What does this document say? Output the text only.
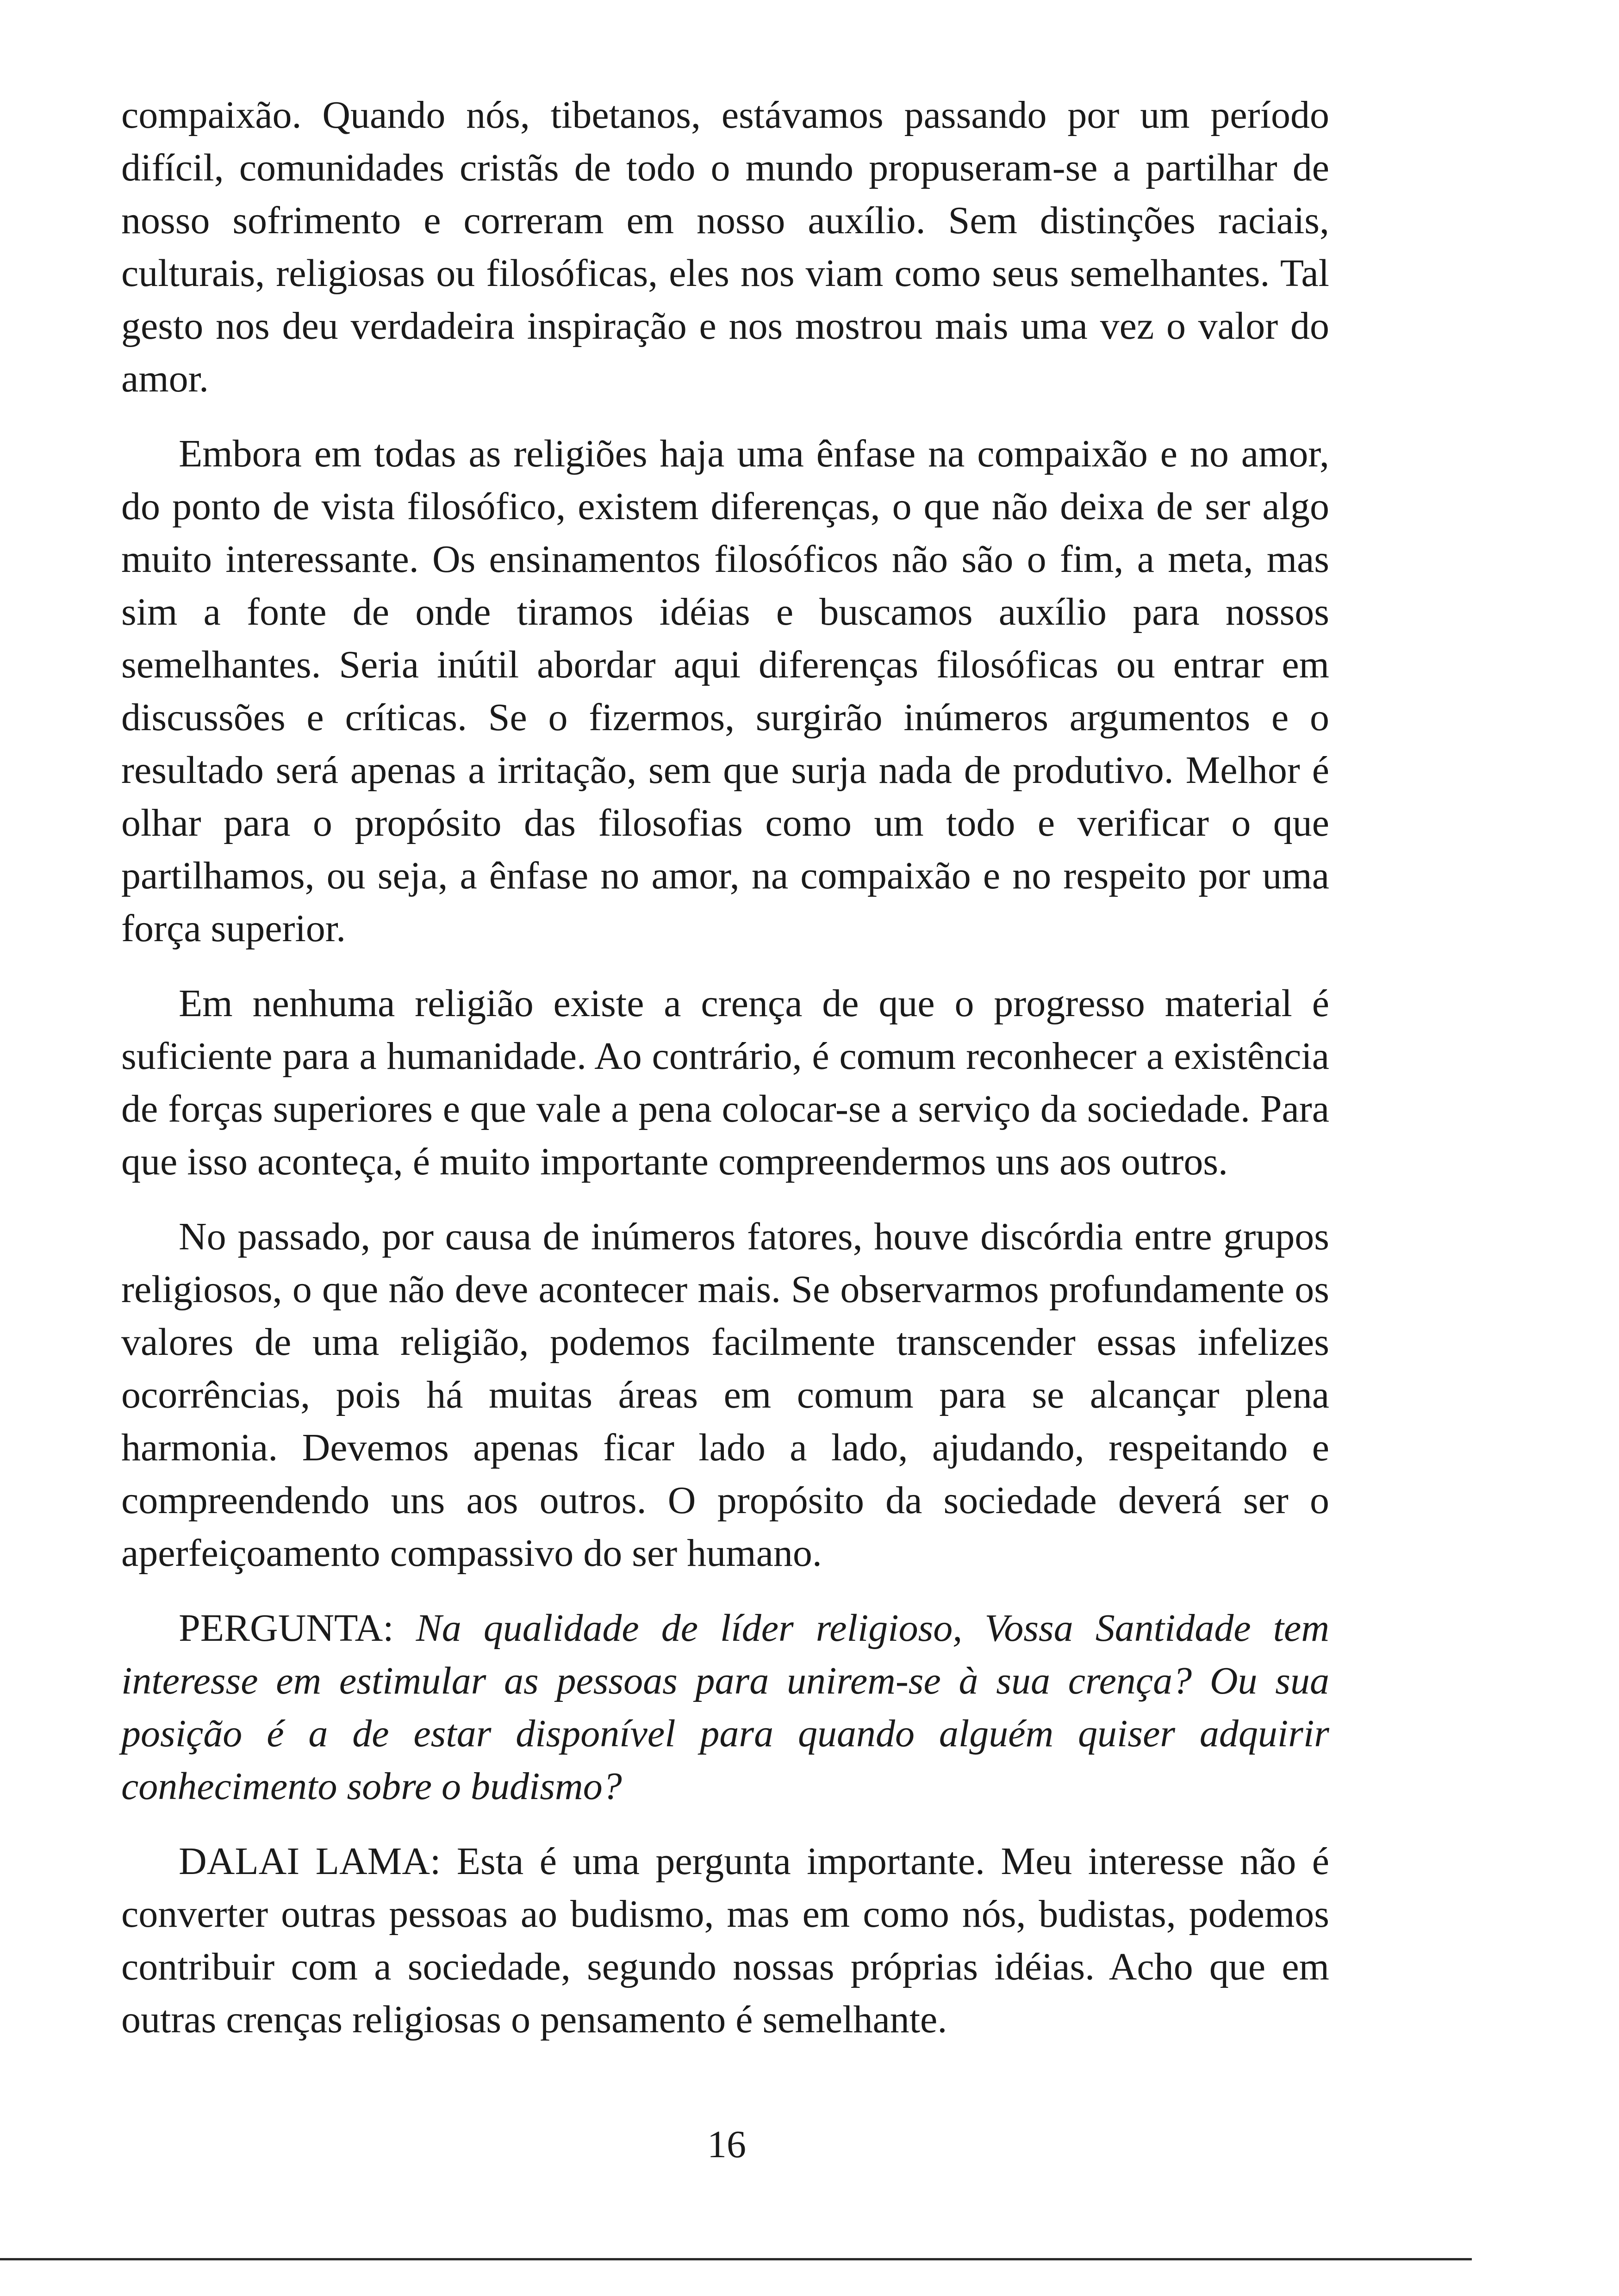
compaixão. Quando nós, tibetanos, estávamos passando por um período difícil, comunidades cristãs de todo o mundo propuseram-se a partilhar de nosso sofrimento e correram em nosso auxílio. Sem distinções raciais, culturais, religiosas ou filosóficas, eles nos viam como seus semelhantes. Tal gesto nos deu verdadeira inspiração e nos mostrou mais uma vez o valor do amor.

Embora em todas as religiões haja uma ênfase na compaixão e no amor, do ponto de vista filosófico, existem diferenças, o que não deixa de ser algo muito interessante. Os ensinamentos filosóficos não são o fim, a meta, mas sim a fonte de onde tiramos idéias e buscamos auxílio para nossos semelhantes. Seria inútil abordar aqui diferenças filosóficas ou entrar em discussões e críticas. Se o fizermos, surgirão inúmeros argumentos e o resultado será apenas a irritação, sem que surja nada de produtivo. Melhor é olhar para o propósito das filosofias como um todo e verificar o que partilhamos, ou seja, a ênfase no amor, na compaixão e no respeito por uma força superior.

Em nenhuma religião existe a crença de que o progresso material é suficiente para a humanidade. Ao contrário, é comum reconhecer a existência de forças superiores e que vale a pena colocar-se a serviço da sociedade. Para que isso aconteça, é muito importante compreendermos uns aos outros.

No passado, por causa de inúmeros fatores, houve discórdia entre grupos religiosos, o que não deve acontecer mais. Se observarmos profundamente os valores de uma religião, podemos facilmente transcender essas infelizes ocorrências, pois há muitas áreas em comum para se alcançar plena harmonia. Devemos apenas ficar lado a lado, ajudando, respeitando e compreendendo uns aos outros. O propósito da sociedade deverá ser o aperfeiçoamento compassivo do ser humano.

PERGUNTA: Na qualidade de líder religioso, Vossa Santidade tem interesse em estimular as pessoas para unirem-se à sua crença? Ou sua posição é a de estar disponível para quando alguém quiser adquirir conhecimento sobre o budismo?

DALAI LAMA: Esta é uma pergunta importante. Meu interesse não é converter outras pessoas ao budismo, mas em como nós, budistas, podemos contribuir com a sociedade, segundo nossas próprias idéias. Acho que em outras crenças religiosas o pensamento é semelhante.

16
